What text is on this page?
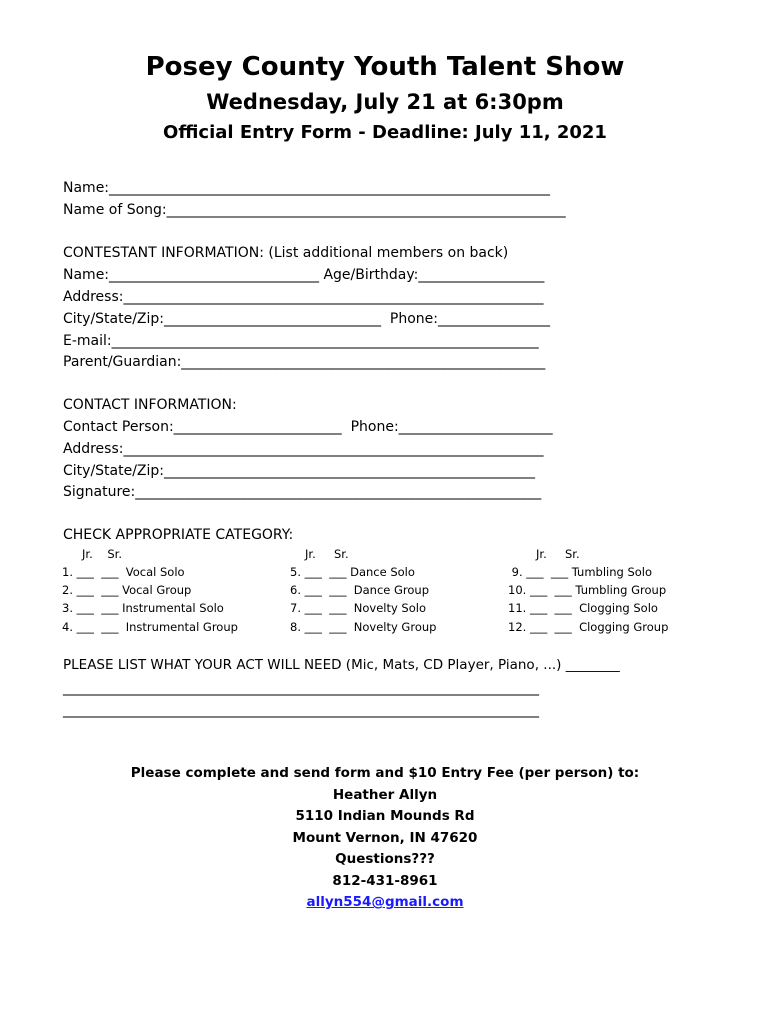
Posey County Youth Talent Show
Wednesday, July 21 at 6:30pm
Official Entry Form - Deadline: July 11, 2021
Name:_______________________________________________________________
Name of Song:_________________________________________________________
CONTESTANT INFORMATION: (List additional members on back)
Name:______________________________ Age/Birthday:__________________
Address:____________________________________________________________
City/State/Zip:_______________________________  Phone:________________
E-mail:_____________________________________________________________
Parent/Guardian:____________________________________________________
CONTACT INFORMATION:
Contact Person:________________________  Phone:______________________
Address:____________________________________________________________
City/State/Zip:_____________________________________________________
Signature:__________________________________________________________
CHECK APPROPRIATE CATEGORY:
Jr.    Sr.	Jr.     Sr.	Jr.     Sr.
1. ___  ___  Vocal Solo
2. ___  ___ Vocal Group
3. ___  ___ Instrumental Solo
4. ___  ___  Instrumental Group
5. ___  ___ Dance Solo
6. ___  ___  Dance Group
7. ___  ___  Novelty Solo
8. ___  ___  Novelty Group
9. ___  ___ Tumbling Solo
10. ___  ___ Tumbling Group
11. ___  ___  Clogging Solo
12. ___  ___  Clogging Group
PLEASE LIST WHAT YOUR ACT WILL NEED (Mic, Mats, CD Player, Piano, ...) ________
____________________________________________________________________
____________________________________________________________________
Please complete and send form and $10 Entry Fee (per person) to:
Heather Allyn
5110 Indian Mounds Rd
Mount Vernon, IN 47620
Questions???
812-431-8961
allyn554@gmail.com
